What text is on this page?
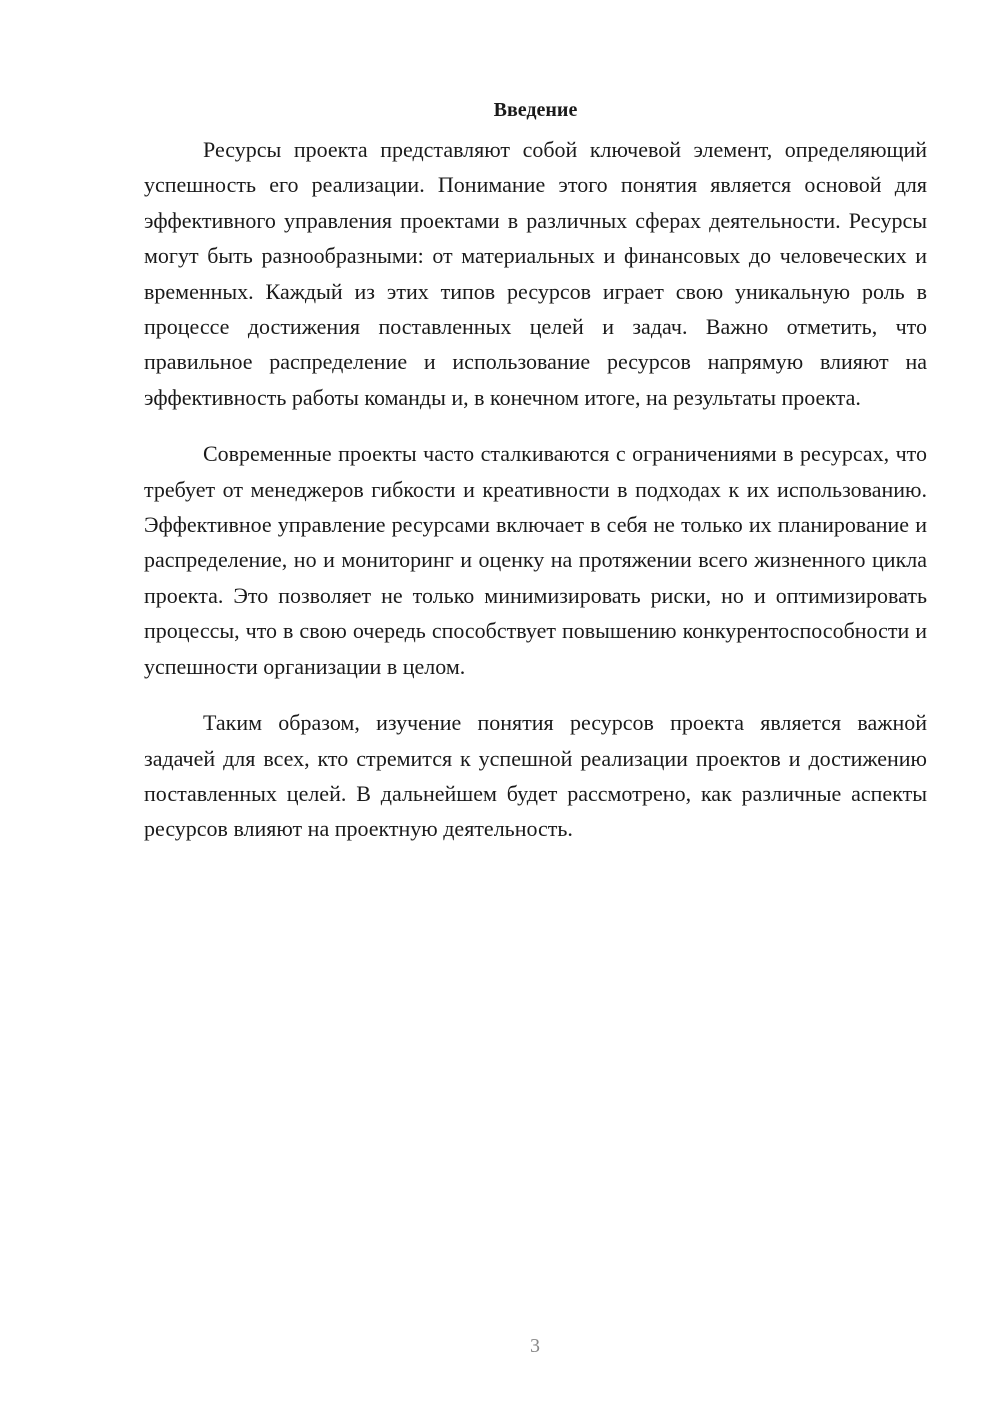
Введение

Ресурсы проекта представляют собой ключевой элемент, определяющий успешность его реализации. Понимание этого понятия является основой для эффективного управления проектами в различных сферах деятельности. Ресурсы могут быть разнообразными: от материальных и финансовых до человеческих и временных. Каждый из этих типов ресурсов играет свою уникальную роль в процессе достижения поставленных целей и задач. Важно отметить, что правильное распределение и использование ресурсов напрямую влияют на эффективность работы команды и, в конечном итоге, на результаты проекта.

Современные проекты часто сталкиваются с ограничениями в ресурсах, что требует от менеджеров гибкости и креативности в подходах к их использованию. Эффективное управление ресурсами включает в себя не только их планирование и распределение, но и мониторинг и оценку на протяжении всего жизненного цикла проекта. Это позволяет не только минимизировать риски, но и оптимизировать процессы, что в свою очередь способствует повышению конкурентоспособности и успешности организации в целом.

Таким образом, изучение понятия ресурсов проекта является важной задачей для всех, кто стремится к успешной реализации проектов и достижению поставленных целей. В дальнейшем будет рассмотрено, как различные аспекты ресурсов влияют на проектную деятельность.

3
